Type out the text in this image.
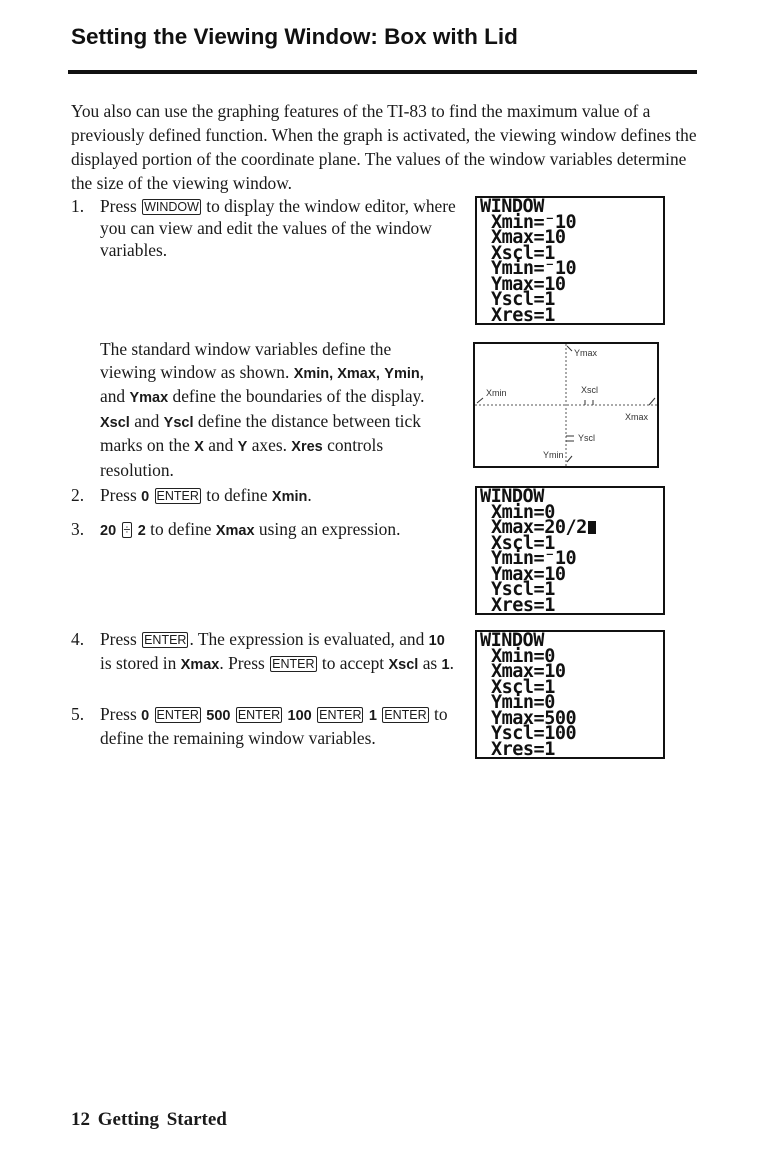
Setting the Viewing Window: Box with Lid

You also can use the graphing features of the TI-83 to find the maximum value of a previously defined function. When the graph is activated, the viewing window defines the displayed portion of the coordinate plane. The values of the window variables determine the size of the viewing window.

1. Press WINDOW to display the window editor, where you can view and edit the values of the window variables.
The standard window variables define the viewing window as shown. Xmin, Xmax, Ymin, and Ymax define the boundaries of the display. Xscl and Yscl define the distance between tick marks on the X and Y axes. Xres controls resolution.
2. Press 0 ENTER to define Xmin.
3.	20 ÷ 2 to define Xmax using an expression.
4. Press ENTER . The expression is evaluated, and 10 is stored in Xmax. Press ENTER to accept Xscl as 1.
5. Press 0 ENTER 500 ENTER 100 ENTER 1 ENTER to define the remaining window variables.
WINDOW
Xmin=⁻10
Xmax=10
Xscl=1
Ymin=⁻10
Ymax=10
Yscl=1
Xres=1
Ymax
Xmin	Xscl
Xmax
Yscl
Ymin
WINDOW
Xmin=0
Xmax=20/2
Xscl=1
Ymin=⁻10
Ymax=10
Yscl=1
Xres=1
WINDOW
Xmin=0
Xmax=10
Xscl=1
Ymin=0
Ymax=500
Yscl=100
Xres=1
12 Getting Started
